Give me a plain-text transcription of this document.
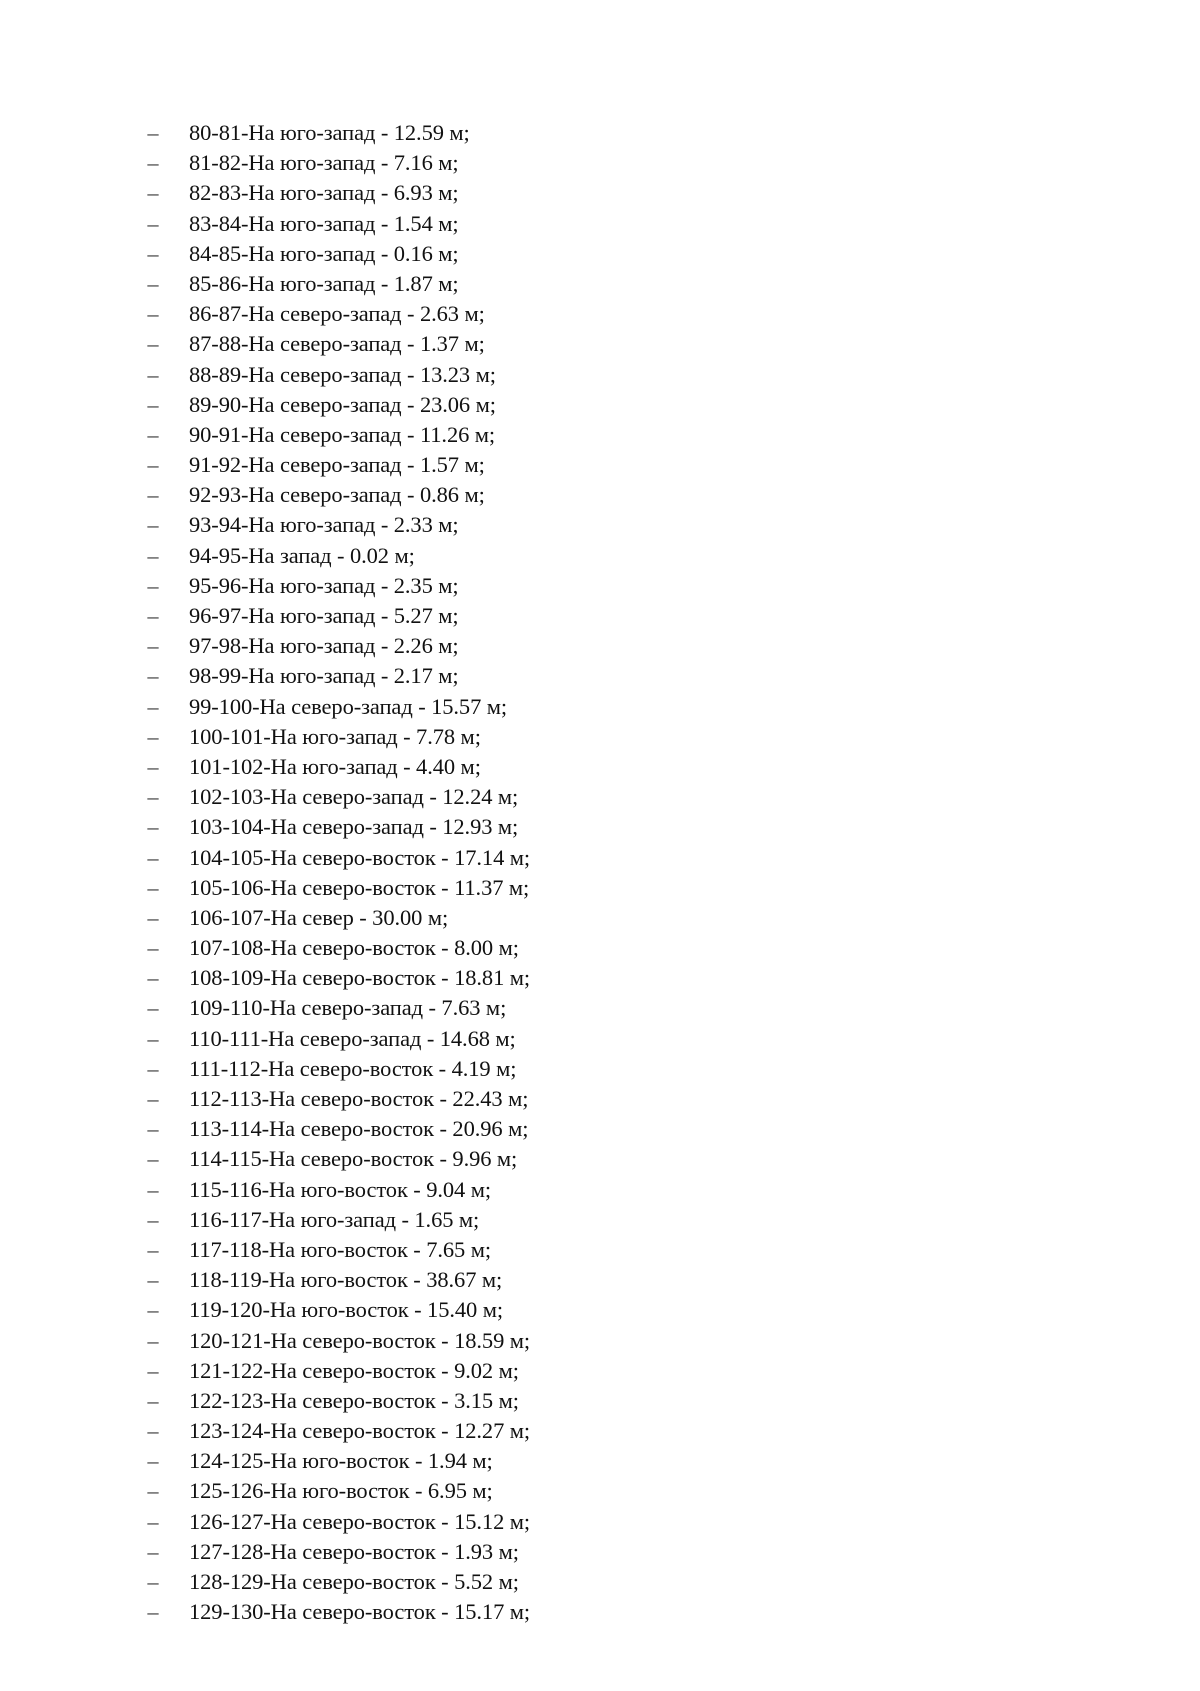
– 80-81-На юго-запад - 12.59 м;
– 81-82-На юго-запад - 7.16 м;
– 82-83-На юго-запад - 6.93 м;
– 83-84-На юго-запад - 1.54 м;
– 84-85-На юго-запад - 0.16 м;
– 85-86-На юго-запад - 1.87 м;
– 86-87-На северо-запад - 2.63 м;
– 87-88-На северо-запад - 1.37 м;
– 88-89-На северо-запад - 13.23 м;
– 89-90-На северо-запад - 23.06 м;
– 90-91-На северо-запад - 11.26 м;
– 91-92-На северо-запад - 1.57 м;
– 92-93-На северо-запад - 0.86 м;
– 93-94-На юго-запад - 2.33 м;
– 94-95-На запад - 0.02 м;
– 95-96-На юго-запад - 2.35 м;
– 96-97-На юго-запад - 5.27 м;
– 97-98-На юго-запад - 2.26 м;
– 98-99-На юго-запад - 2.17 м;
– 99-100-На северо-запад - 15.57 м;
– 100-101-На юго-запад - 7.78 м;
– 101-102-На юго-запад - 4.40 м;
– 102-103-На северо-запад - 12.24 м;
– 103-104-На северо-запад - 12.93 м;
– 104-105-На северо-восток - 17.14 м;
– 105-106-На северо-восток - 11.37 м;
– 106-107-На север - 30.00 м;
– 107-108-На северо-восток - 8.00 м;
– 108-109-На северо-восток - 18.81 м;
– 109-110-На северо-запад - 7.63 м;
– 110-111-На северо-запад - 14.68 м;
– 111-112-На северо-восток - 4.19 м;
– 112-113-На северо-восток - 22.43 м;
– 113-114-На северо-восток - 20.96 м;
– 114-115-На северо-восток - 9.96 м;
– 115-116-На юго-восток - 9.04 м;
– 116-117-На юго-запад - 1.65 м;
– 117-118-На юго-восток - 7.65 м;
– 118-119-На юго-восток - 38.67 м;
– 119-120-На юго-восток - 15.40 м;
– 120-121-На северо-восток - 18.59 м;
– 121-122-На северо-восток - 9.02 м;
– 122-123-На северо-восток - 3.15 м;
– 123-124-На северо-восток - 12.27 м;
– 124-125-На юго-восток - 1.94 м;
– 125-126-На юго-восток - 6.95 м;
– 126-127-На северо-восток - 15.12 м;
– 127-128-На северо-восток - 1.93 м;
– 128-129-На северо-восток - 5.52 м;
– 129-130-На северо-восток - 15.17 м;
